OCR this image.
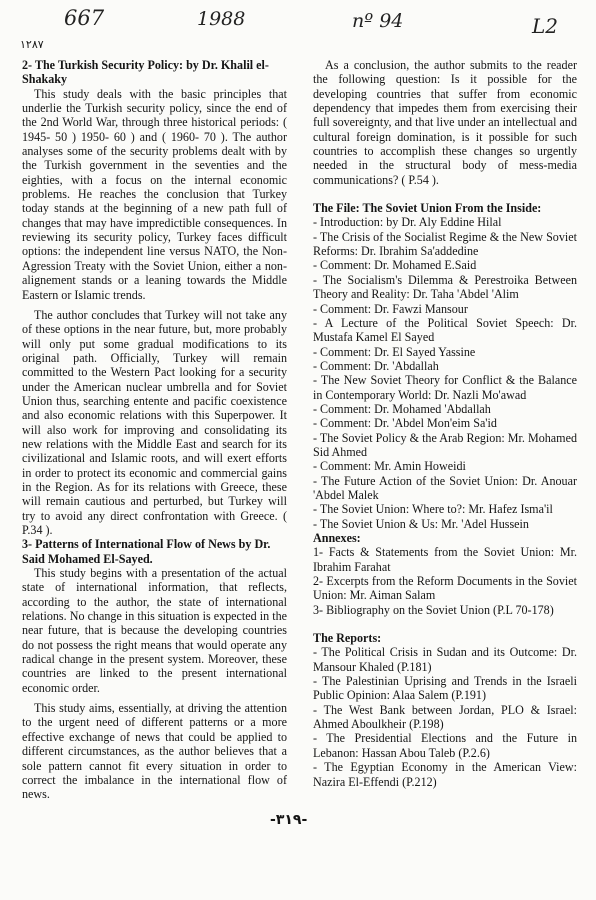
667	1988	nº 94	L2
١٢٨٧
2- The Turkish Security Policy: by Dr. Khalil el-Shakaky

This study deals with the basic principles that underlie the Turkish security policy, since the end of the 2nd World War, through three historical periods: ( 1945- 50 ) 1950- 60 ) and ( 1960- 70 ). The author analyses some of the security problems dealt with by the Turkish government in the seventies and the eighties, with a focus on the internal economic problems. He reaches the conclusion that Turkey today stands at the beginning of a new path full of changes that may have impredictible consequences. In reviewing its security policy, Turkey faces difficult options: the independent line versus NATO, the Non-Agression Treaty with the Soviet Union, either a non- alignement stands or a leaning towards the Middle Eastern or Islamic trends.

The author concludes that Turkey will not take any of these options in the near future, but, more probably will only put some gradual modifications to its original path. Officially, Turkey will remain committed to the Western Pact looking for a security under the American nuclear umbrella and for Soviet Union thus, searching entente and pacific coexistence and also economic relations with this Superpower. It will also work for improving and consolidating its new relations with the Middle East and search for its civilizational and Islamic roots, and will exert efforts in order to protect its economic and commercial gains in the Region. As for its relations with Greece, these will remain cautious and perturbed, but Turkey will try to avoid any direct confrontation with Greece. ( P.34 ).

3- Patterns of International Flow of News by Dr. Said Mohamed El-Sayed.

This study begins with a presentation of the actual state of international information, that reflects, according to the author, the state of international relations. No change in this situation is expected in the near future, that is because the developing countries do not possess the right means that would operate any radical change in the present system. Moreover, these countries are linked to the present international economic order.

This study aims, essentially, at driving the attention to the urgent need of different patterns or a more effective exchange of news that could be applied to different circumstances, as the author believes that a sole pattern cannot fit every situation in order to correct the imbalance in the international flow of news.

As a conclusion, the author submits to the reader the following question: Is it possible for the developing countries that suffer from economic dependency that impedes them from exercising their full sovereignty, and that live under an intellectual and cultural foreign domination, is it possible for such countries to accomplish these changes so urgently needed in the structural body of mess-media communications? ( P.54 ).

The File: The Soviet Union From the Inside:
- Introduction: by Dr. Aly Eddine Hilal
- The Crisis of the Socialist Regime & the New Soviet Reforms: Dr. Ibrahim Sa'addedine
- Comment: Dr. Mohamed E.Said
- The Socialism's Dilemma & Perestroika Between Theory and Reality: Dr. Taha 'Abdel 'Alim
- Comment: Dr. Fawzi Mansour
- A Lecture of the Political Soviet Speech: Dr. Mustafa Kamel El Sayed
- Comment: Dr. El Sayed Yassine
- Comment: Dr. 'Abdallah
- The New Soviet Theory for Conflict & the Balance in Contemporary World: Dr. Nazli Mo'awad
- Comment: Dr. Mohamed 'Abdallah
- Comment: Dr. 'Abdel Mon'eim Sa'id
- The Soviet Policy & the Arab Region: Mr. Mohamed Sid Ahmed
- Comment: Mr. Amin Howeidi
- The Future Action of the Soviet Union: Dr. Anouar 'Abdel Malek
- The Soviet Union: Where to?: Mr. Hafez Isma'il
- The Soviet Union & Us: Mr. 'Adel Hussein
Annexes:
1- Facts & Statements from the Soviet Union: Mr. Ibrahim Farahat
2- Excerpts from the Reform Documents in the Soviet Union: Mr. Aiman Salam
3- Bibliography on the Soviet Union (P.L 70-178)
The Reports:
- The Political Crisis in Sudan and its Outcome: Dr. Mansour Khaled (P.181)
- The Palestinian Uprising and Trends in the Israeli Public Opinion: Alaa Salem (P.191)
- The West Bank between Jordan, PLO & Israel: Ahmed Aboulkheir (P.198)
- The Presidential Elections and the Future in Lebanon: Hassan Abou Taleb (P.2.6)
- The Egyptian Economy in the American View: Nazira El-Effendi (P.212)
-٣١٩-
